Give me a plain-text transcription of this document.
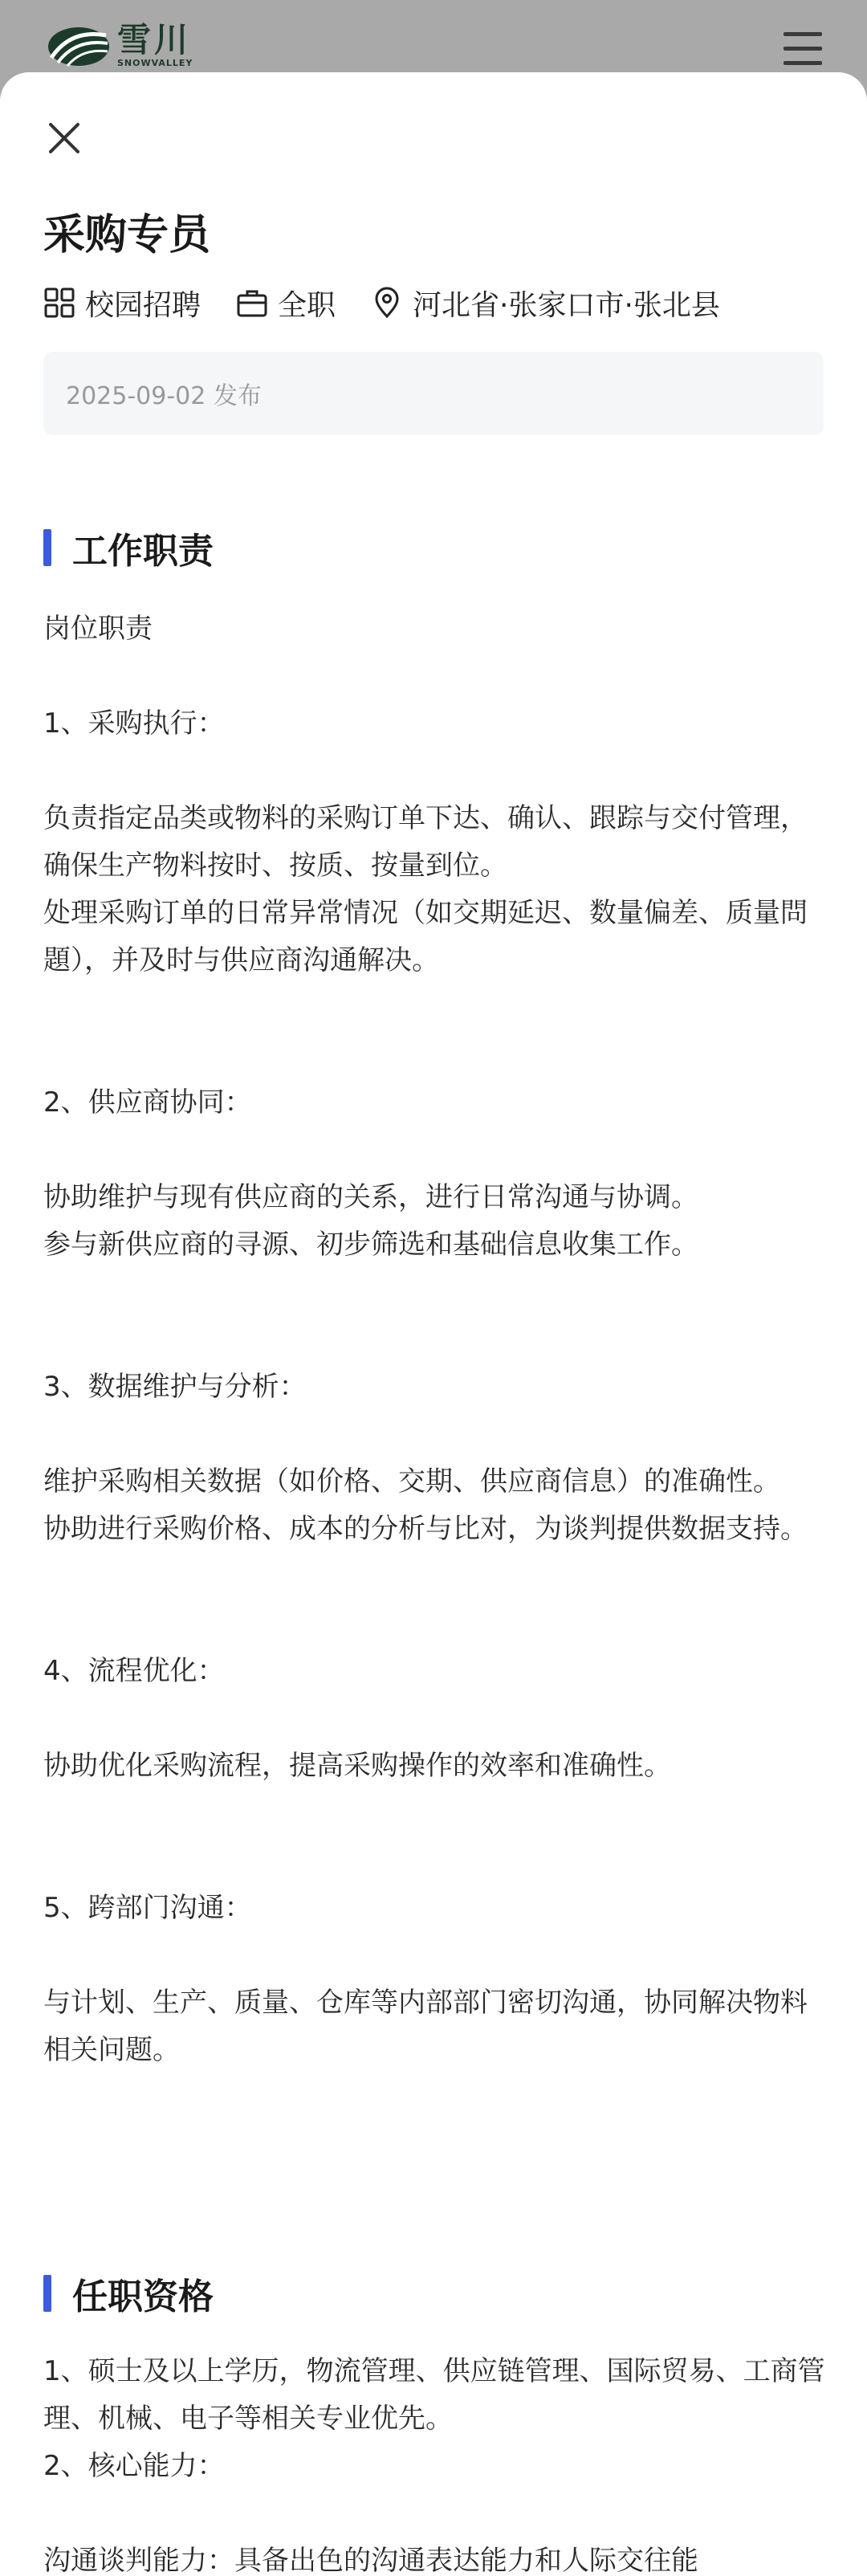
雪川
SNOWVALLEY
采购专员
校园招聘	全职	河北省·张家口市·张北县
2025-09-02 发布
工作职责
岗位职责

1、采购执行：

负责指定品类或物料的采购订单下达、确认、跟踪与交付管理，确保生产物料按时、按质、按量到位。
处理采购订单的日常异常情况（如交期延迟、数量偏差、质量問題），并及时与供应商沟通解决。

2、供应商协同：

协助维护与现有供应商的关系，进行日常沟通与协调。
参与新供应商的寻源、初步筛选和基础信息收集工作。

3、数据维护与分析：

维护采购相关数据（如价格、交期、供应商信息）的准确性。
协助进行采购价格、成本的分析与比对，为谈判提供数据支持。

4、流程优化：

协助优化采购流程，提高采购操作的效率和准确性。

5、跨部门沟通：

与计划、生产、质量、仓库等内部部门密切沟通，协同解决物料相关问题。
任职资格
1、硕士及以上学历，物流管理、供应链管理、国际贸易、工商管理、机械、电子等相关专业优先。
2、核心能力：

沟通谈判能力：具备出色的沟通表达能力和人际交往能
